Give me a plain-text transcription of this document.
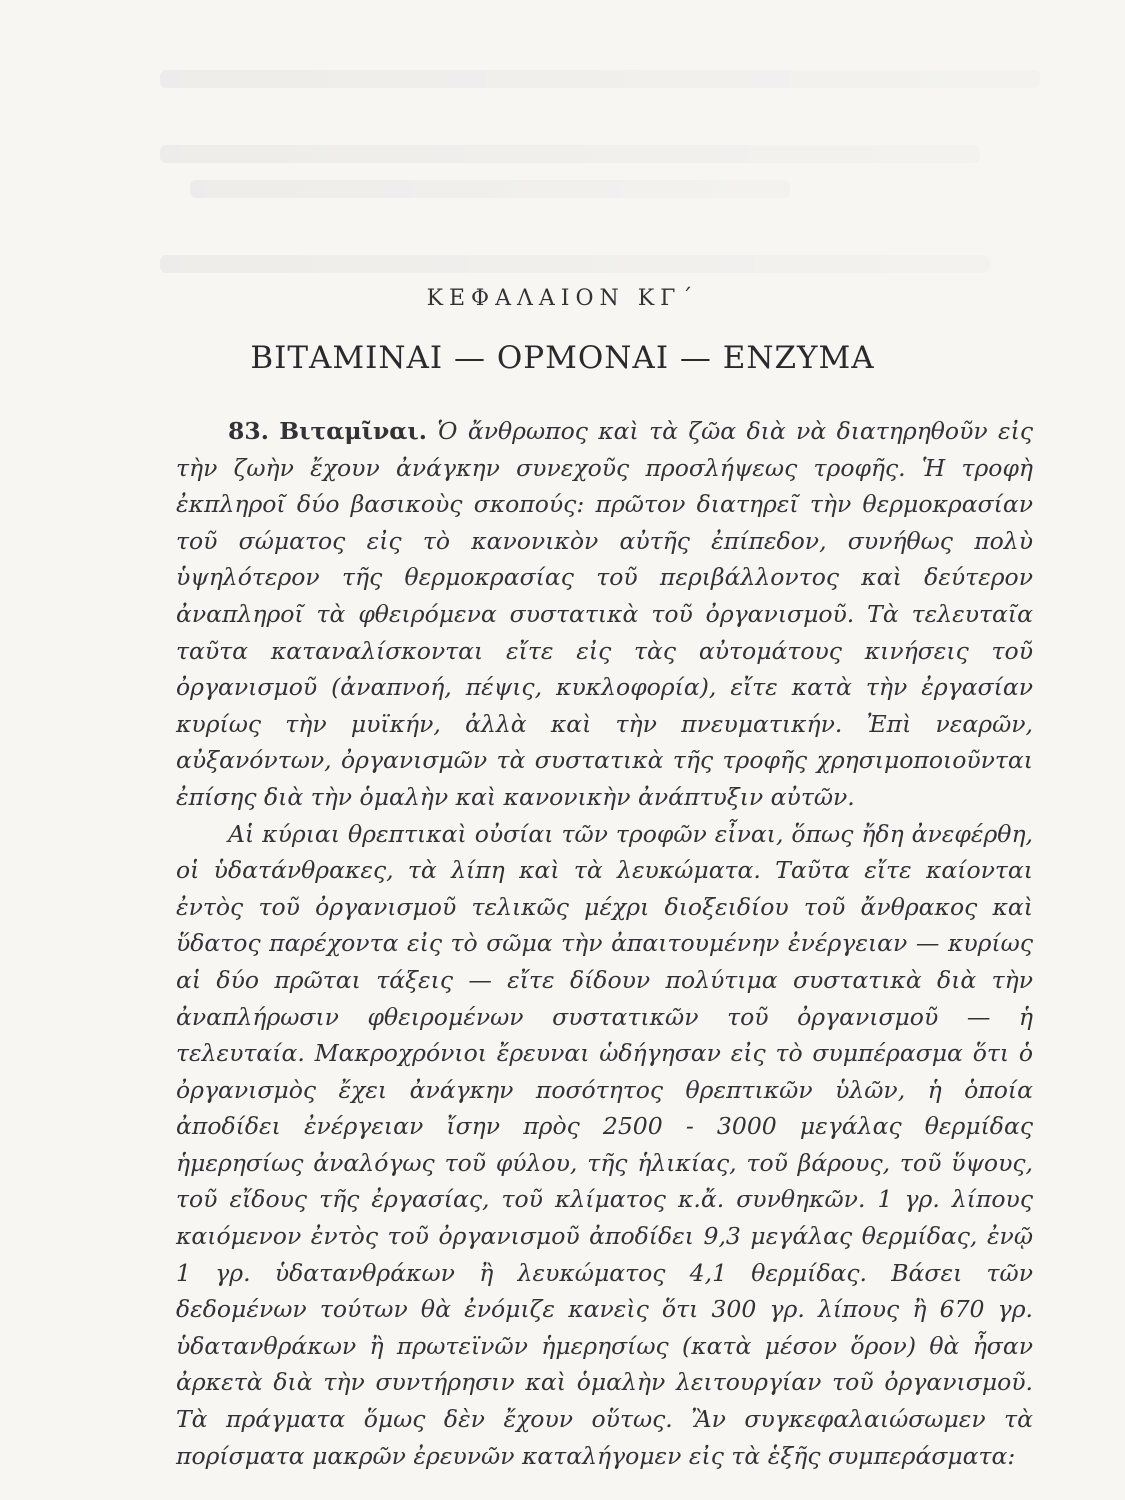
ΚΕΦΑΛΑΙΟΝ ΚΓ΄
ΒΙΤΑΜΙΝΑΙ — ΟΡΜΟΝΑΙ — ΕΝΖΥΜΑ

83. Βιταμῖναι. Ὁ ἄνθρωπος καὶ τὰ ζῶα διὰ νὰ διατηρηθοῦν εἰς τὴν ζωὴν ἔχουν ἀνάγκην συνεχοῦς προσλήψεως τροφῆς. Ἡ τροφὴ ἐκπληροῖ δύο βασικοὺς σκοπούς: πρῶτον διατηρεῖ τὴν θερμοκρασίαν τοῦ σώματος εἰς τὸ κανονικὸν αὐτῆς ἐπίπεδον, συνήθως πολὺ ὑψηλότερον τῆς θερμοκρασίας τοῦ περιβάλλοντος καὶ δεύτερον ἀναπληροῖ τὰ φθειρόμενα συστατικὰ τοῦ ὀργανισμοῦ. Τὰ τελευταῖα ταῦτα καταναλίσκονται εἴτε εἰς τὰς αὐτομάτους κινήσεις τοῦ ὀργανισμοῦ (ἀναπνοή, πέψις, κυκλοφορία), εἴτε κατὰ τὴν ἐργασίαν κυρίως τὴν μυϊκήν, ἀλλὰ καὶ τὴν πνευματικήν. Ἐπὶ νεαρῶν, αὐξανόντων, ὀργανισμῶν τὰ συστατικὰ τῆς τροφῆς χρησιμοποιοῦνται ἐπίσης διὰ τὴν ὁμαλὴν καὶ κανονικὴν ἀνάπτυξιν αὐτῶν.

Αἱ κύριαι θρεπτικαὶ οὐσίαι τῶν τροφῶν εἶναι, ὅπως ἤδη ἀνεφέρθη, οἱ ὑδατάνθρακες, τὰ λίπη καὶ τὰ λευκώματα. Ταῦτα εἴτε καίονται ἐντὸς τοῦ ὀργανισμοῦ τελικῶς μέχρι διοξειδίου τοῦ ἄνθρακος καὶ ὕδατος παρέχοντα εἰς τὸ σῶμα τὴν ἀπαιτουμένην ἐνέργειαν — κυρίως αἱ δύο πρῶται τάξεις — εἴτε δίδουν πολύτιμα συστατικὰ διὰ τὴν ἀναπλήρωσιν φθειρομένων συστατικῶν τοῦ ὀργανισμοῦ — ἡ τελευταία. Μακροχρόνιοι ἔρευναι ὡδήγησαν εἰς τὸ συμπέρασμα ὅτι ὁ ὀργανισμὸς ἔχει ἀνάγκην ποσότητος θρεπτικῶν ὑλῶν, ἡ ὁποία ἀποδίδει ἐνέργειαν ἴσην πρὸς 2500 - 3000 μεγάλας θερμίδας ἡμερησίως ἀναλόγως τοῦ φύλου, τῆς ἡλικίας, τοῦ βάρους, τοῦ ὕψους, τοῦ εἴδους τῆς ἐργασίας, τοῦ κλίματος κ.ἄ. συνθηκῶν. 1 γρ. λίπους καιόμενον ἐντὸς τοῦ ὀργανισμοῦ ἀποδίδει 9,3 μεγάλας θερμίδας, ἐνῷ 1 γρ. ὑδατανθράκων ἢ λευκώματος 4,1 θερμίδας. Βάσει τῶν δεδομένων τούτων θὰ ἐνόμιζε κανεὶς ὅτι 300 γρ. λίπους ἢ 670 γρ. ὑδατανθράκων ἢ πρωτεϊνῶν ἡμερησίως (κατὰ μέσον ὅρον) θὰ ἦσαν ἀρκετὰ διὰ τὴν συντήρησιν καὶ ὁμαλὴν λειτουργίαν τοῦ ὀργανισμοῦ. Τὰ πράγματα ὅμως δὲν ἔχουν οὕτως. Ἂν συγκεφαλαιώσωμεν τὰ πορίσματα μακρῶν ἐρευνῶν καταλήγομεν εἰς τὰ ἑξῆς συμπεράσματα:
